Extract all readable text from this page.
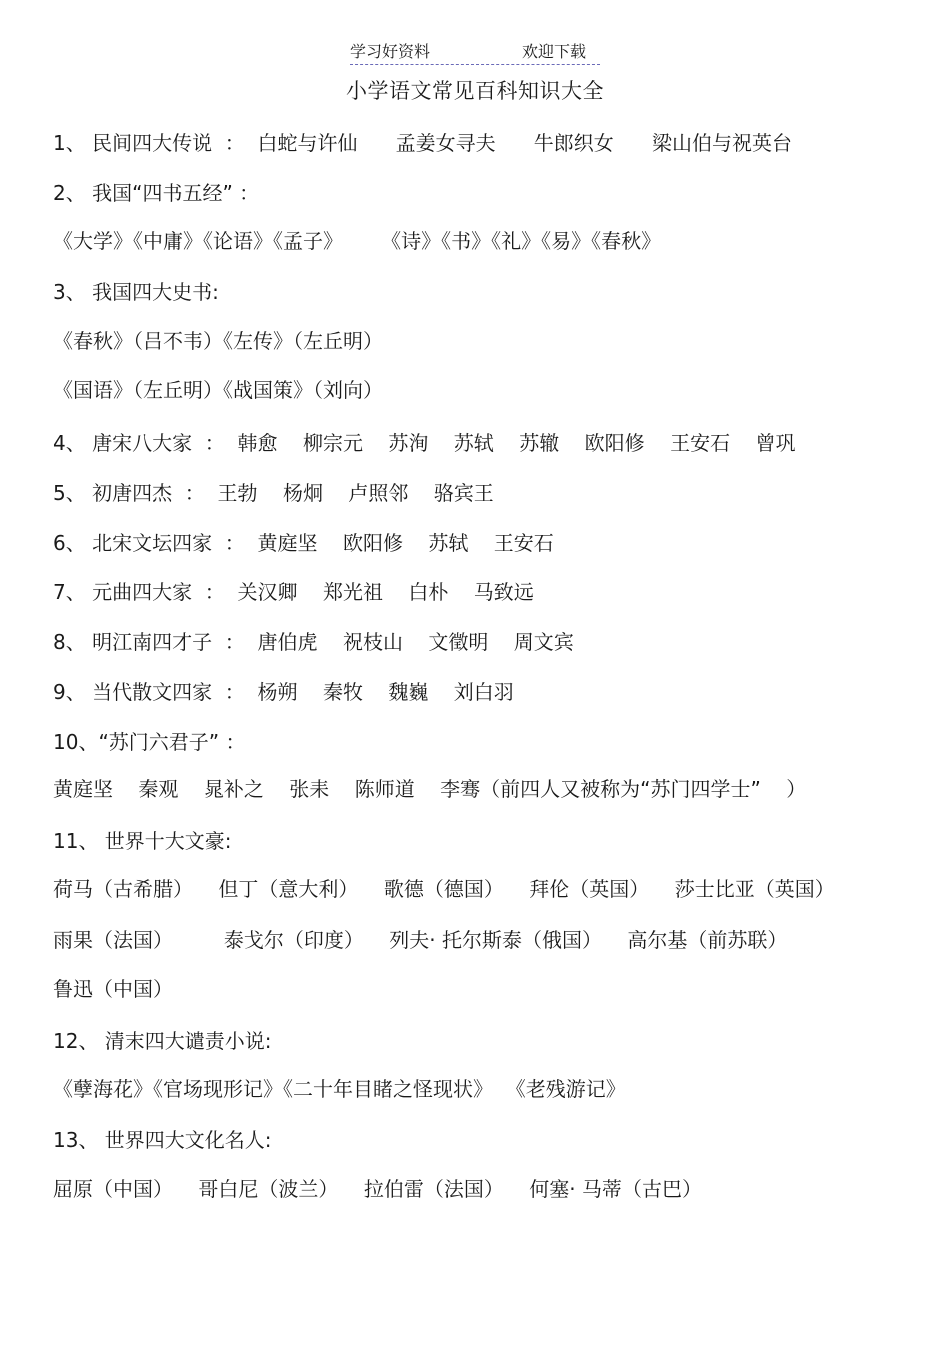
学习好资料	欢迎下载
小学语文常见百科知识大全
1、 民间四大传说  ：  白蛇与许仙      孟姜女寻夫      牛郎织女      梁山伯与祝英台
2、 我国“四书五经” ：
《大学》《中庸》《论语》《孟子》      《诗》《书》《礼》《易》《春秋》
3、 我国四大史书:
《春秋》（吕不韦）《左传》（左丘明）
《国语》（左丘明）《战国策》（刘向）
4、 唐宋八大家  ：  韩愈    柳宗元    苏洵    苏轼    苏辙    欧阳修    王安石    曾巩
5、 初唐四杰  ：  王勃    杨炯    卢照邻    骆宾王
6、 北宋文坛四家  ：  黄庭坚    欧阳修    苏轼    王安石
7、 元曲四大家  ：  关汉卿    郑光祖    白朴    马致远
8、 明江南四才子  ：  唐伯虎    祝枝山    文徵明    周文宾
9、 当代散文四家  ：  杨朔    秦牧    魏巍    刘白羽
10、“苏门六君子” ：
黄庭坚    秦观    晁补之    张耒    陈师道    李骞（前四人又被称为“苏门四学士”    ）
11、 世界十大文豪:
荷马（古希腊）    但丁（意大利）    歌德（德国）    拜伦（英国）    莎士比亚（英国）
雨果（法国）        泰戈尔（印度）    列夫· 托尔斯泰（俄国）    高尔基（前苏联）
鲁迅（中国）
12、 清末四大谴责小说:
《孽海花》《官场现形记》《二十年目睹之怪现状》  《老残游记》
13、 世界四大文化名人:
屈原（中国）    哥白尼（波兰）    拉伯雷（法国）    何塞· 马蒂（古巴）
